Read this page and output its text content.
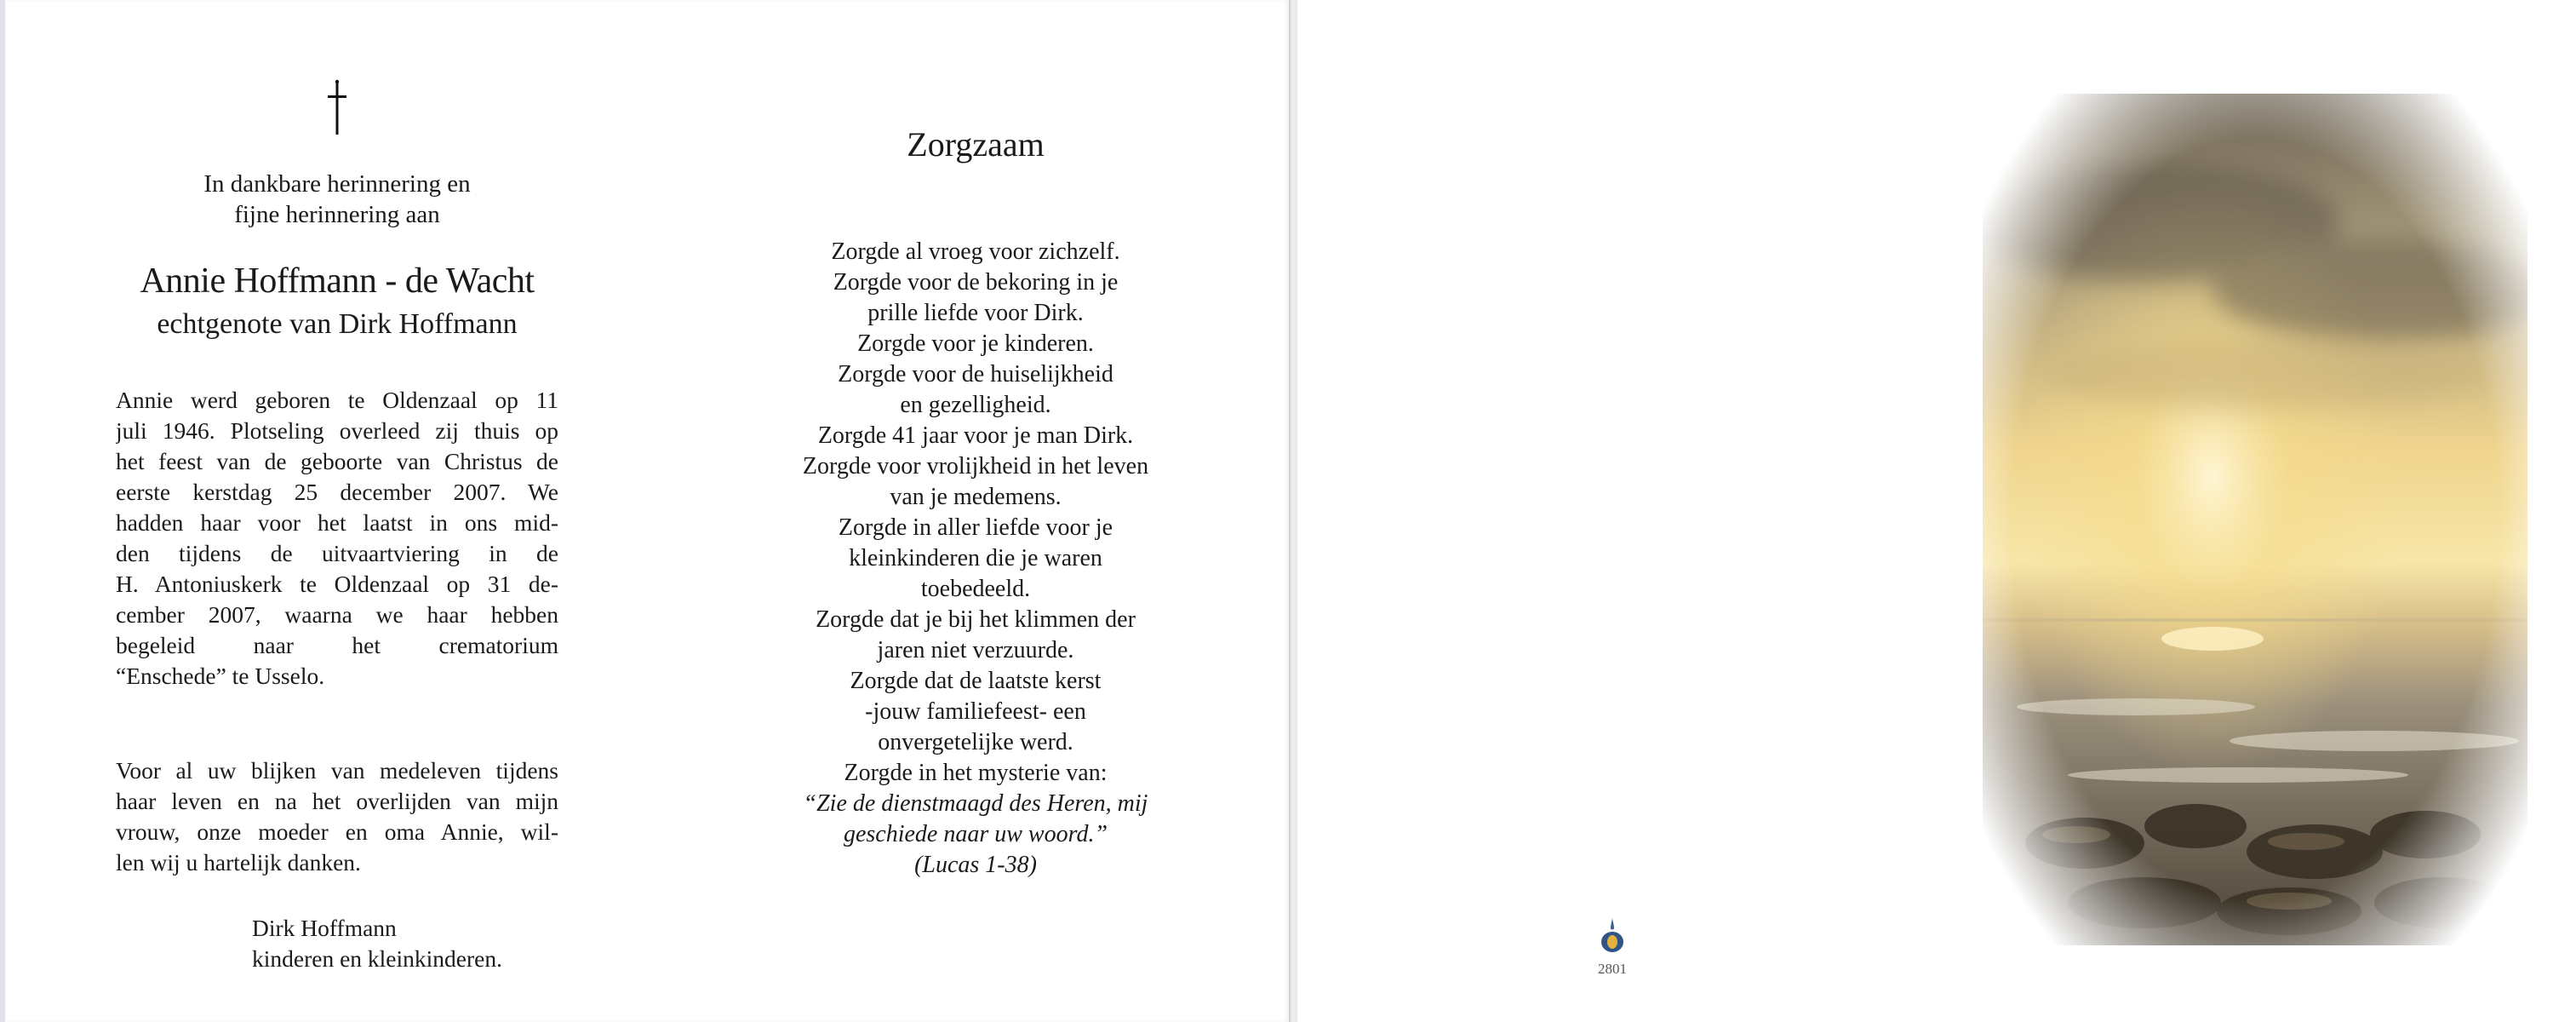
In dankbare herinnering en
fijne herinnering aan
Annie Hoffmann - de Wacht
echtgenote van Dirk Hoffmann
Annie werd geboren te Oldenzaal op 11
juli 1946. Plotseling overleed zij thuis op
het feest van de geboorte van Christus de
eerste kerstdag 25 december 2007. We
hadden haar voor het laatst in ons mid-
den tijdens de uitvaartviering in de
H. Antoniuskerk te Oldenzaal op 31 de-
cember 2007, waarna we haar hebben
begeleid naar het crematorium
“Enschede” te Usselo.
Voor al uw blijken van medeleven tijdens
haar leven en na het overlijden van mijn
vrouw, onze moeder en oma Annie, wil-
len wij u hartelijk danken.
Dirk Hoffmann
kinderen en kleinkinderen.
Zorgzaam
Zorgde al vroeg voor zichzelf.
Zorgde voor de bekoring in je
prille liefde voor Dirk.
Zorgde voor je kinderen.
Zorgde voor de huiselijkheid
en gezelligheid.
Zorgde 41 jaar voor je man Dirk.
Zorgde voor vrolijkheid in het leven
van je medemens.
Zorgde in aller liefde voor je
kleinkinderen die je waren
toebedeeld.
Zorgde dat je bij het klimmen der
jaren niet verzuurde.
Zorgde dat de laatste kerst
-jouw familiefeest- een
onvergetelijke werd.
Zorgde in het mysterie van:
“Zie de dienstmaagd des Heren, mij
geschiede naar uw woord.”
(Lucas 1-38)
2801
